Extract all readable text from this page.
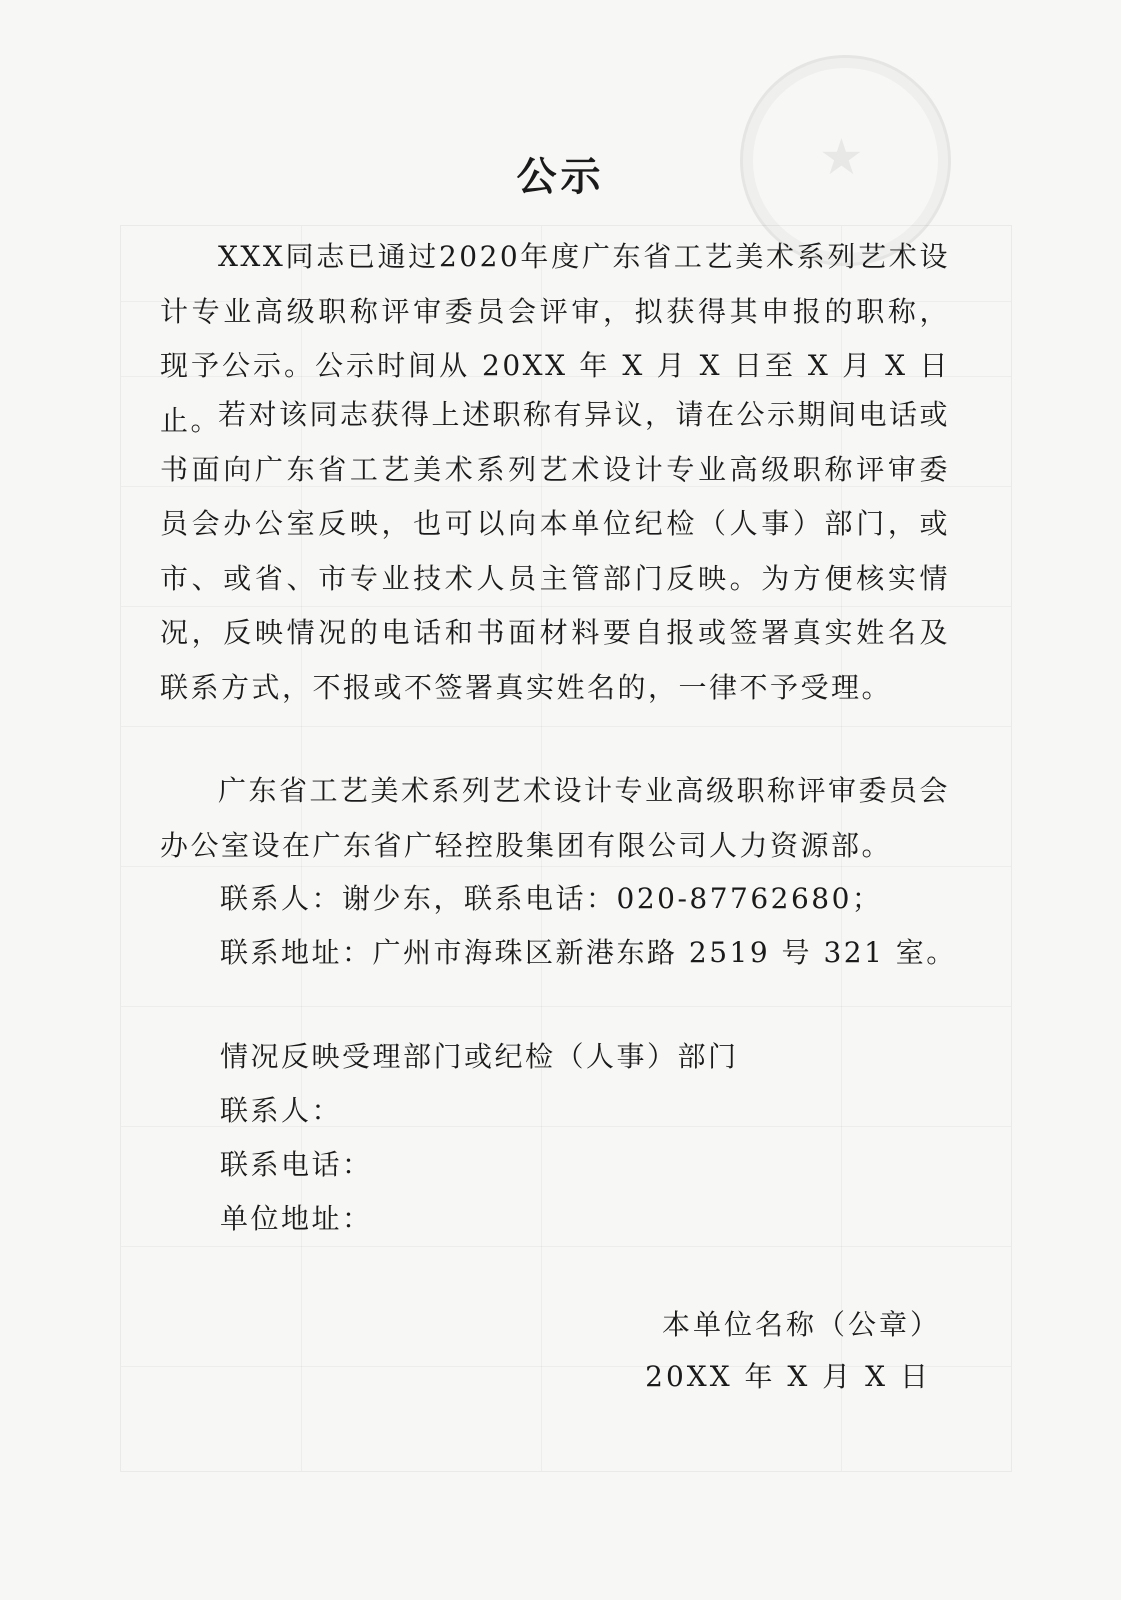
★
公示

XXX同志已通过2020年度广东省工艺美术系列艺术设计专业高级职称评审委员会评审，拟获得其申报的职称，现予公示。公示时间从 20XX 年 X 月 X 日至 X 月 X 日止。

若对该同志获得上述职称有异议，请在公示期间电话或书面向广东省工艺美术系列艺术设计专业高级职称评审委员会办公室反映，也可以向本单位纪检（人事）部门，或市、或省、市专业技术人员主管部门反映。为方便核实情况，反映情况的电话和书面材料要自报或签署真实姓名及联系方式，不报或不签署真实姓名的，一律不予受理。

广东省工艺美术系列艺术设计专业高级职称评审委员会办公室设在广东省广轻控股集团有限公司人力资源部。

联系人：谢少东，联系电话：020-87762680；

联系地址：广州市海珠区新港东路 2519 号 321 室。

情况反映受理部门或纪检（人事）部门

联系人：

联系电话：

单位地址：

本单位名称（公章）

20XX 年 X 月 X 日
